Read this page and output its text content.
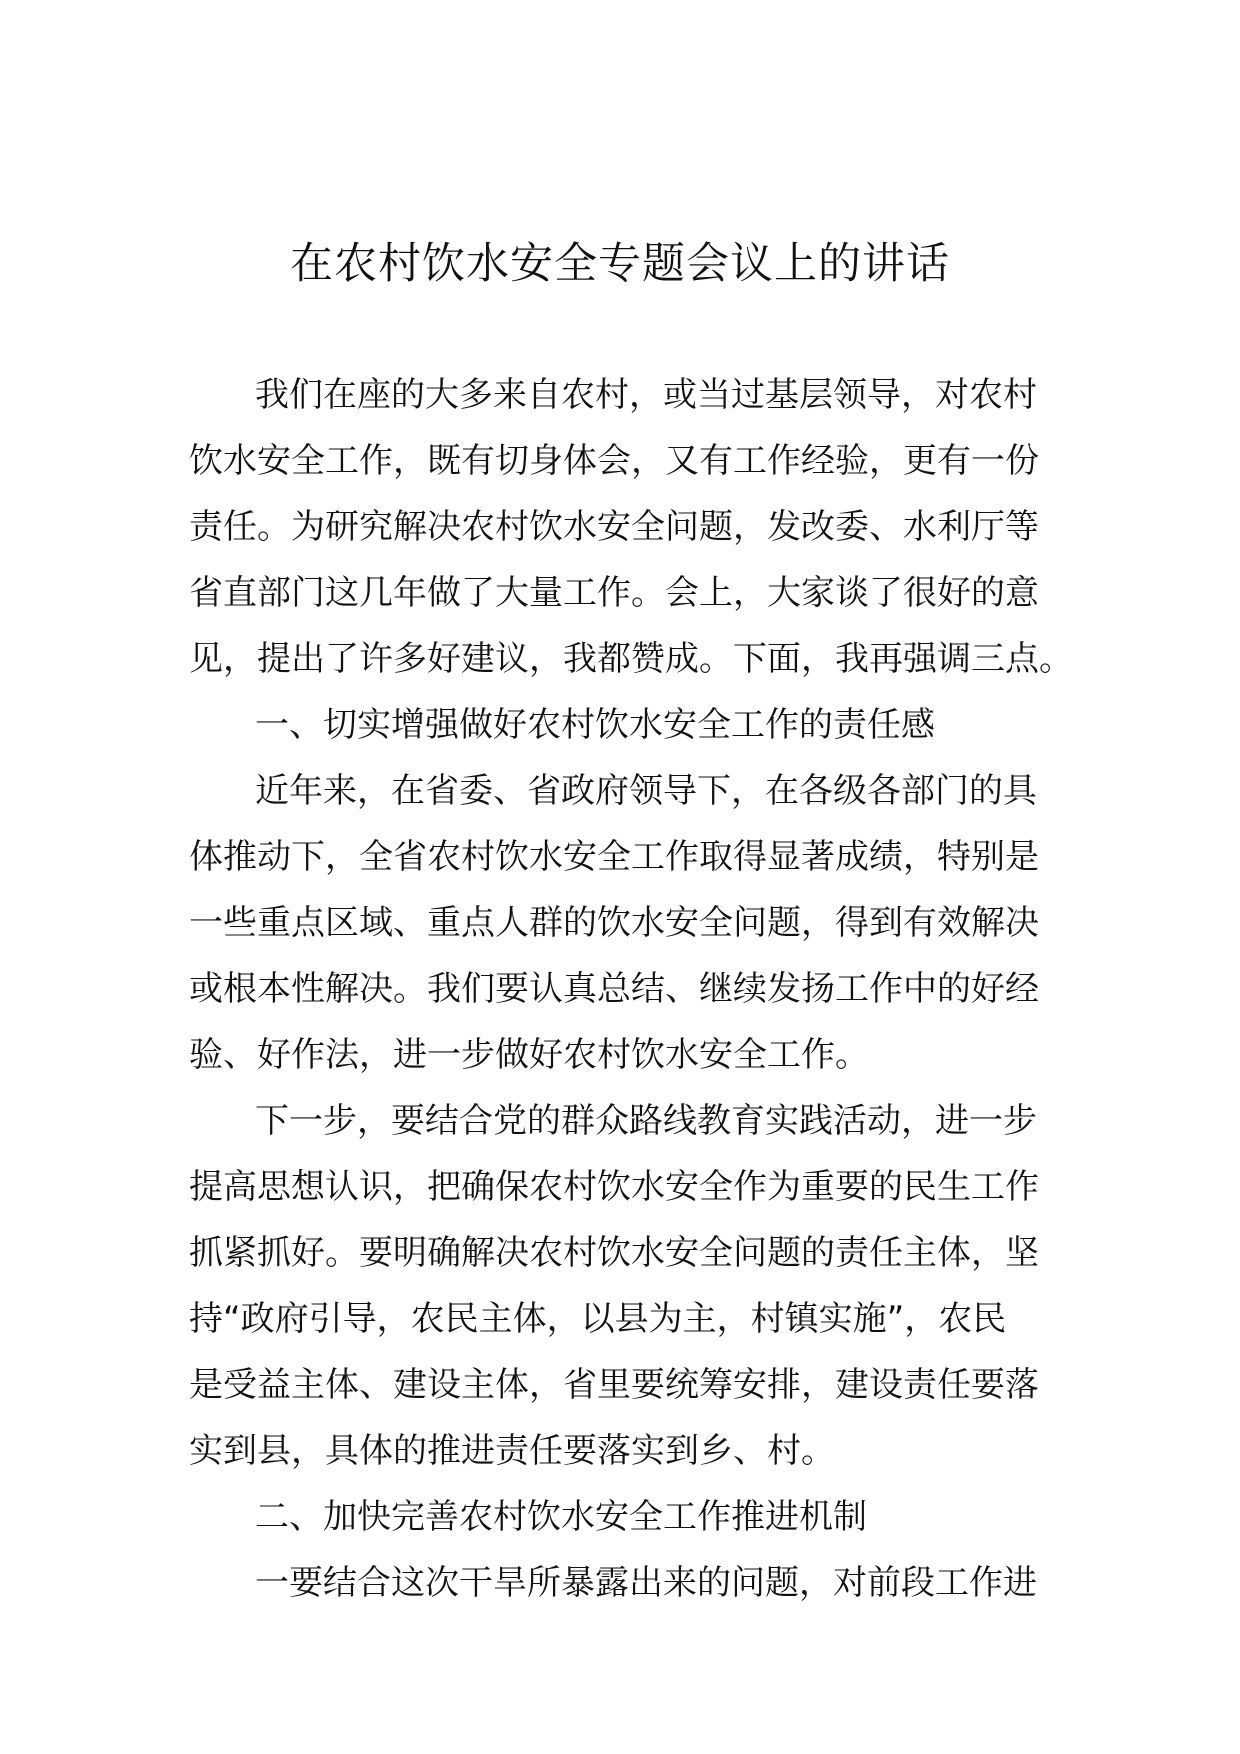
在农村饮水安全专题会议上的讲话
我们在座的大多来自农村，或当过基层领导，对农村
饮水安全工作，既有切身体会，又有工作经验，更有一份
责任。为研究解决农村饮水安全问题，发改委、水利厅等
省直部门这几年做了大量工作。会上，大家谈了很好的意
见，提出了许多好建议，我都赞成。下面，我再强调三点。
一、切实增强做好农村饮水安全工作的责任感
近年来，在省委、省政府领导下，在各级各部门的具
体推动下，全省农村饮水安全工作取得显著成绩，特别是
一些重点区域、重点人群的饮水安全问题，得到有效解决
或根本性解决。我们要认真总结、继续发扬工作中的好经
验、好作法，进一步做好农村饮水安全工作。
下一步，要结合党的群众路线教育实践活动，进一步
提高思想认识，把确保农村饮水安全作为重要的民生工作
抓紧抓好。要明确解决农村饮水安全问题的责任主体，坚
持“政府引导，农民主体，以县为主，村镇实施”，农民
是受益主体、建设主体，省里要统筹安排，建设责任要落
实到县，具体的推进责任要落实到乡、村。
二、加快完善农村饮水安全工作推进机制
一要结合这次干旱所暴露出来的问题，对前段工作进
